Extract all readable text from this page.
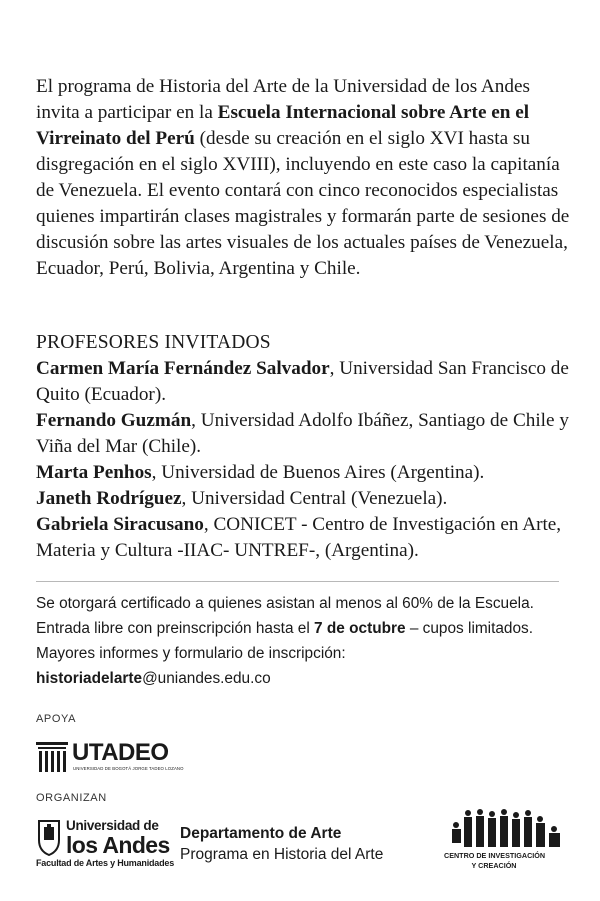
El programa de Historia del Arte de la Universidad de los Andes invita a participar en la Escuela Internacional sobre Arte en el Virreinato del Perú (desde su creación en el siglo XVI hasta su disgregación en el siglo XVIII), incluyendo en este caso la capitanía de Venezuela. El evento contará con cinco reconocidos especialistas quienes impartirán clases magistrales y formarán parte de sesiones de discusión sobre las artes visuales de los actuales países de Venezuela, Ecuador, Perú, Bolivia, Argentina y Chile.

PROFESORES INVITADOS
Carmen María Fernández Salvador, Universidad San Francisco de Quito (Ecuador).
Fernando Guzmán, Universidad Adolfo Ibáñez, Santiago de Chile y Viña del Mar (Chile).
Marta Penhos, Universidad de Buenos Aires (Argentina).
Janeth Rodríguez, Universidad Central (Venezuela).
Gabriela Siracusano, CONICET - Centro de Investigación en Arte, Materia y Cultura -IIAC- UNTREF-, (Argentina).

Se otorgará certificado a quienes asistan al menos al 60% de la Escuela. Entrada libre con preinscripción hasta el 7 de octubre – cupos limitados. Mayores informes y formulario de inscripción: historiadelarte@uniandes.edu.co

APOYA

UTADEO
UNIVERSIDAD DE BOGOTÁ JORGE TADEO LOZANO

ORGANIZAN

Universidad de
los Andes
Facultad de Artes y Humanidades

Departamento de Arte
Programa en Historia del Arte	CENTRO DE INVESTIGACIÓN
Y CREACIÓN
